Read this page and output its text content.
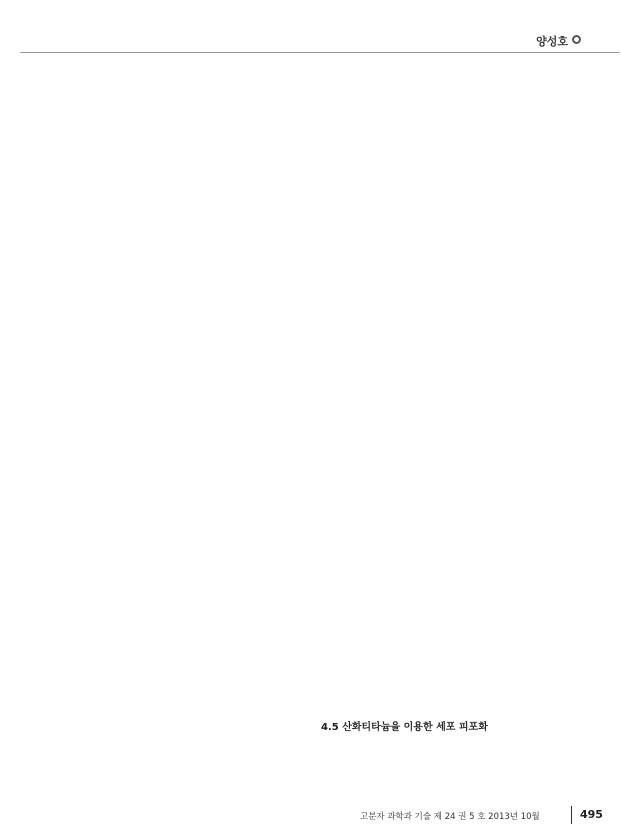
양성호
4.5 산화티타늄을 이용한 세포 피포화
고분자 과학과 기술 제 24 권 5 호 2013년 10월	495
